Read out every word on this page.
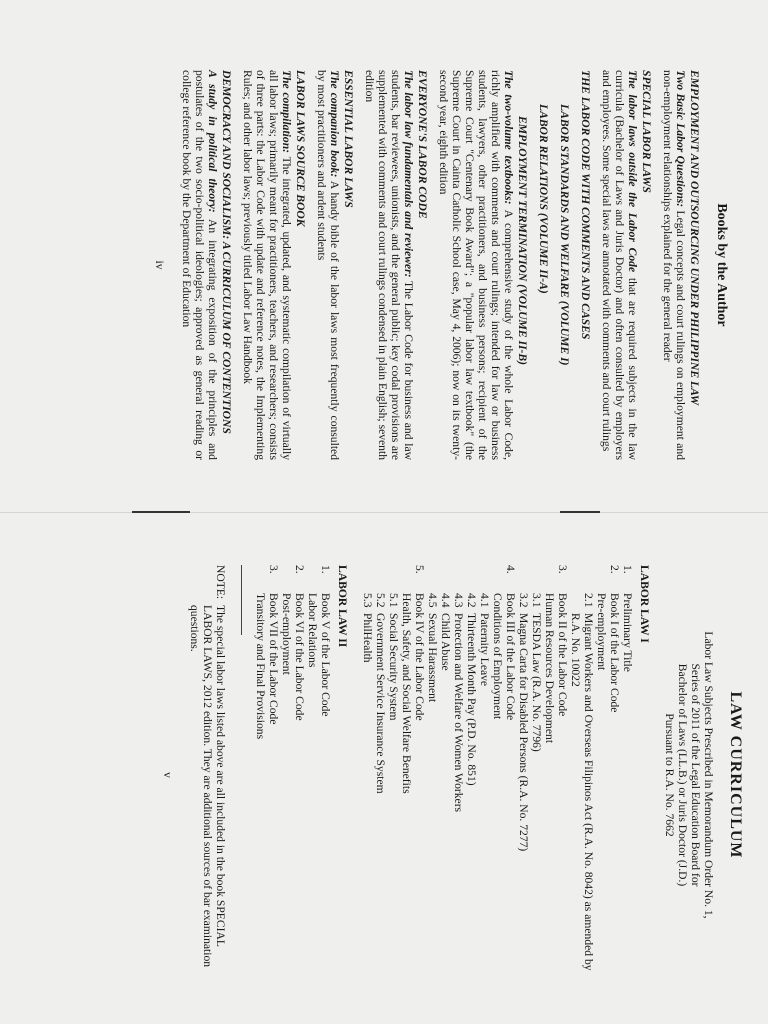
Books by the Author
EMPLOYMENT AND OUTSOURCING UNDER PHILIPPINE LAW

Two Basic Labor Questions: Legal concepts and court rulings on employment and non-employment relationships explained for the general reader

SPECIAL LABOR LAWS

The labor laws outside the Labor Code that are required subjects in the law curricula (Bachelor of Laws and Juris Doctor) and often consulted by employers and employees. Some special laws are annotated with comments and court rulings

THE LABOR CODE WITH COMMENTS AND CASES
LABOR STANDARDS AND WELFARE (VOLUME I)
LABOR RELATIONS (VOLUME II-A)
EMPLOYMENT TERMINATION (VOLUME II-B)

The two-volume textbooks: A comprehensive study of the whole Labor Code, richly amplified with comments and court rulings; intended for law or business students, lawyers, other practitioners, and business persons; recipient of the Supreme Court "Centenary Book Award"; a "popular labor law textbook" (the Supreme Court in Cainta Catholic School case, May 4, 2006); now on its twenty-second year, eighth edition

EVERYONE'S LABOR CODE

The labor law fundamentals and reviewer: The Labor Code for business and law students, bar reviewees, unionists, and the general public; key codal provisions are supplemented with comments and court rulings condensed in plain English; seventh edition

ESSENTIAL LABOR LAWS

The companion book: A handy bible of the labor laws most frequently consulted by most practitioners and ardent students

LABOR LAWS SOURCE BOOK

The compilation: The integrated, updated, and systematic compilation of virtually all labor laws; primarily meant for practitioners, teachers, and researchers; consists of three parts: the Labor Code with update and reference notes, the Implementing Rules; and other labor laws; previously titled Labor Law Handbook

DEMOCRACY AND SOCIALISM: A CURRICULUM OF CONTENTIONS

A study in political theory: An integrating exposition of the principles and postulates of the two socio-political ideologies; approved as general reading or college reference book by the Department of Education

iv
LAW CURRICULUM
Labor Law Subjects Prescribed in Memorandum Order No. 1,
Series of 2011 of the Legal Education Board for
Bachelor of Laws (LL.B.) or Juris Doctor (J.D.)
Pursuant to R.A. No. 7662
LABOR LAW I
1.
Preliminary Title
2.
Book I of the Labor Code
Pre-employment
2.1
Migrant Workers and Overseas Filipinos Act (R.A. No. 8042) as amended by R.A. No. 10022
3.
Book II of the Labor Code
Human Resources Development
3.1
TESDA Law (R.A. No. 7796)
3.2
Magna Carta for Disabled Persons (R.A. No. 7277)
4.
Book III of the Labor Code
Conditions of Employment
4.1
Paternity Leave
4.2
Thirteenth Month Pay (P.D. No. 851)
4.3
Protection and Welfare of Women Workers
4.4
Child Abuse
4.5
Sexual Harassment
5.
Book IV of the Labor Code
Health, Safety, and Social Welfare Benefits
5.1
Social Security System
5.2
Government Service Insurance System
5.3
PhilHealth
LABOR LAW II
1.
Book V of the Labor Code
Labor Relations
2.
Book VI of the Labor Code
Post-employment
3.
Book VII of the Labor Code
Transitory and Final Provisions
NOTE:
The special labor laws listed above are all included in the book SPECIAL LABOR LAWS, 2012 edition. They are additional sources of bar examination questions.
v
